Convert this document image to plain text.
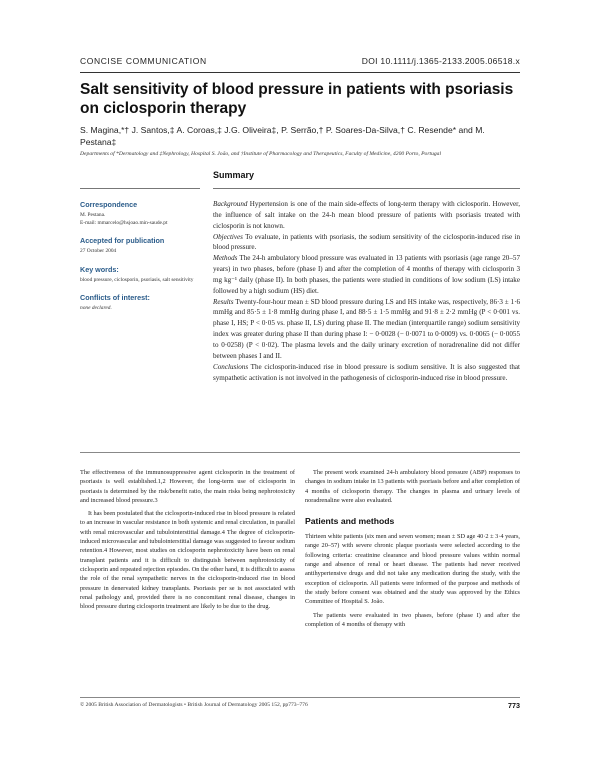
CONCISE COMMUNICATION	DOI 10.1111/j.1365-2133.2005.06518.x
Salt sensitivity of blood pressure in patients with psoriasis on ciclosporin therapy
S. Magina,*† J. Santos,‡ A. Coroas,‡ J.G. Oliveira‡, P. Serrão,† P. Soares-Da-Silva,† C. Resende* and M. Pestana‡
Departments of *Dermatology and ‡Nephrology, Hospital S. João, and †Institute of Pharmacology and Therapeutics, Faculty of Medicine, 4200 Porto, Portugal
Summary
Correspondence
M. Pestana.
E-mail: mmarcelo@hsjoao.min-saude.pt
Accepted for publication
27 October 2004
Key words:
blood pressure, ciclosporin, psoriasis, salt sensitivity
Conflicts of interest:
none declared.

Background Hypertension is one of the main side-effects of long-term therapy with ciclosporin. However, the influence of salt intake on the 24-h mean blood pressure of patients with psoriasis treated with ciclosporin is not known.

Objectives To evaluate, in patients with psoriasis, the sodium sensitivity of the ciclosporin-induced rise in blood pressure.

Methods The 24-h ambulatory blood pressure was evaluated in 13 patients with psoriasis (age range 20–57 years) in two phases, before (phase I) and after the completion of 4 months of therapy with ciclosporin 3 mg kg⁻¹ daily (phase II). In both phases, the patients were studied in conditions of low sodium (LS) intake followed by a high sodium (HS) diet.

Results Twenty-four-hour mean ± SD blood pressure during LS and HS intake was, respectively, 86·3 ± 1·6 mmHg and 85·5 ± 1·8 mmHg during phase I, and 88·5 ± 1·5 mmHg and 91·8 ± 2·2 mmHg (P < 0·001 vs. phase I, HS; P < 0·05 vs. phase II, LS) during phase II. The median (interquartile range) sodium sensitivity index was greater during phase II than during phase I: − 0·0028 (− 0·0071 to 0·0009) vs. 0·0065 (− 0·0055 to 0·0258) (P < 0·02). The plasma levels and the daily urinary excretion of noradrenaline did not differ between phases I and II.

Conclusions The ciclosporin-induced rise in blood pressure is sodium sensitive. It is also suggested that sympathetic activation is not involved in the pathogenesis of ciclosporin-induced rise in blood pressure.

The effectiveness of the immunosuppressive agent ciclosporin in the treatment of psoriasis is well established.1,2 However, the long-term use of ciclosporin in psoriasis is determined by the risk/benefit ratio, the main risks being nephrotoxicity and increased blood pressure.3

It has been postulated that the ciclosporin-induced rise in blood pressure is related to an increase in vascular resistance in both systemic and renal circulation, in parallel with renal microvascular and tubulointerstitial damage.4 The degree of ciclosporin-induced microvascular and tubulointerstitial damage was suggested to favour sodium retention.4 However, most studies on ciclosporin nephrotoxicity have been on renal transplant patients and it is difficult to distinguish between nephrotoxicity of ciclosporin and repeated rejection episodes. On the other hand, it is difficult to assess the role of the renal sympathetic nerves in the ciclosporin-induced rise in blood pressure in denervated kidney transplants. Psoriasis per se is not associated with renal pathology and, provided there is no concomitant renal disease, changes in blood pressure during ciclosporin treatment are likely to be due to the drug.

The present work examined 24-h ambulatory blood pressure (ABP) responses to changes in sodium intake in 13 patients with psoriasis before and after completion of 4 months of ciclosporin therapy. The changes in plasma and urinary levels of noradrenaline were also evaluated.

Patients and methods

Thirteen white patients (six men and seven women; mean ± SD age 40·2 ± 3·4 years, range 20–57) with severe chronic plaque psoriasis were selected according to the following criteria: creatinine clearance and blood pressure values within normal range and absence of renal or heart disease. The patients had never received antihypertensive drugs and did not take any medication during the study, with the exception of ciclosporin. All patients were informed of the purpose and methods of the study before consent was obtained and the study was approved by the Ethics Committee of Hospital S. João.

The patients were evaluated in two phases, before (phase I) and after the completion of 4 months of therapy with

© 2005 British Association of Dermatologists • British Journal of Dermatology 2005 152, pp773–776	773
